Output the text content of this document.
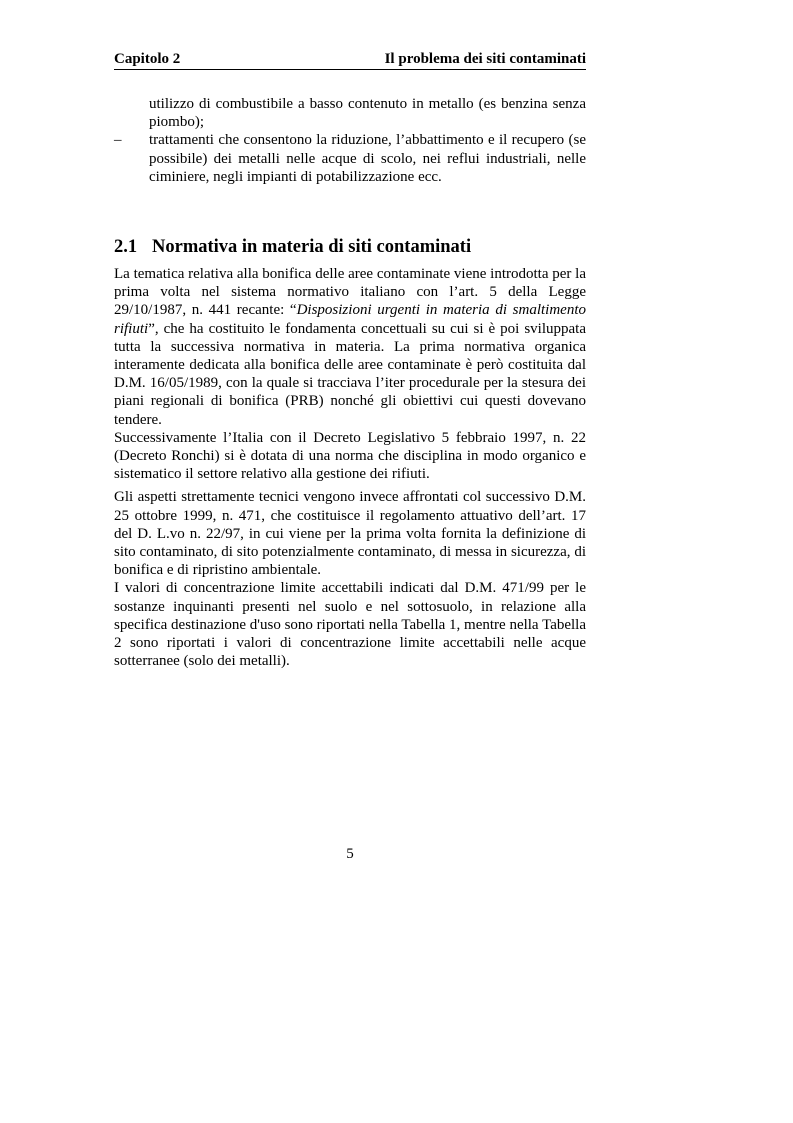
Capitolo 2	Il problema dei siti contaminati
utilizzo di combustibile a basso contenuto in metallo (es benzina senza piombo);
– trattamenti che consentono la riduzione, l’abbattimento e il recupero (se possibile) dei metalli nelle acque di scolo, nei reflui industriali, nelle ciminiere, negli impianti di potabilizzazione ecc.
2.1 Normativa in materia di siti contaminati

La tematica relativa alla bonifica delle aree contaminate viene introdotta per la prima volta nel sistema normativo italiano con l’art. 5 della Legge 29/10/1987, n. 441 recante: “Disposizioni urgenti in materia di smaltimento rifiuti”, che ha costituito le fondamenta concettuali su cui si è poi sviluppata tutta la successiva normativa in materia. La prima normativa organica interamente dedicata alla bonifica delle aree contaminate è però costituita dal D.M. 16/05/1989, con la quale si tracciava l’iter procedurale per la stesura dei piani regionali di bonifica (PRB) nonché gli obiettivi cui questi dovevano tendere.

Successivamente l’Italia con il Decreto Legislativo 5 febbraio 1997, n. 22 (Decreto Ronchi) si è dotata di una norma che disciplina in modo organico e sistematico il settore relativo alla gestione dei rifiuti.

Gli aspetti strettamente tecnici vengono invece affrontati col successivo D.M. 25 ottobre 1999, n. 471, che costituisce il regolamento attuativo dell’art. 17 del D. L.vo n. 22/97, in cui viene per la prima volta fornita la definizione di sito contaminato, di sito potenzialmente contaminato, di messa in sicurezza, di bonifica e di ripristino ambientale.

I valori di concentrazione limite accettabili indicati dal D.M. 471/99 per le sostanze inquinanti presenti nel suolo e nel sottosuolo, in relazione alla specifica destinazione d'uso sono riportati nella Tabella 1, mentre nella Tabella 2 sono riportati i valori di concentrazione limite accettabili nelle acque sotterranee (solo dei metalli).

5
